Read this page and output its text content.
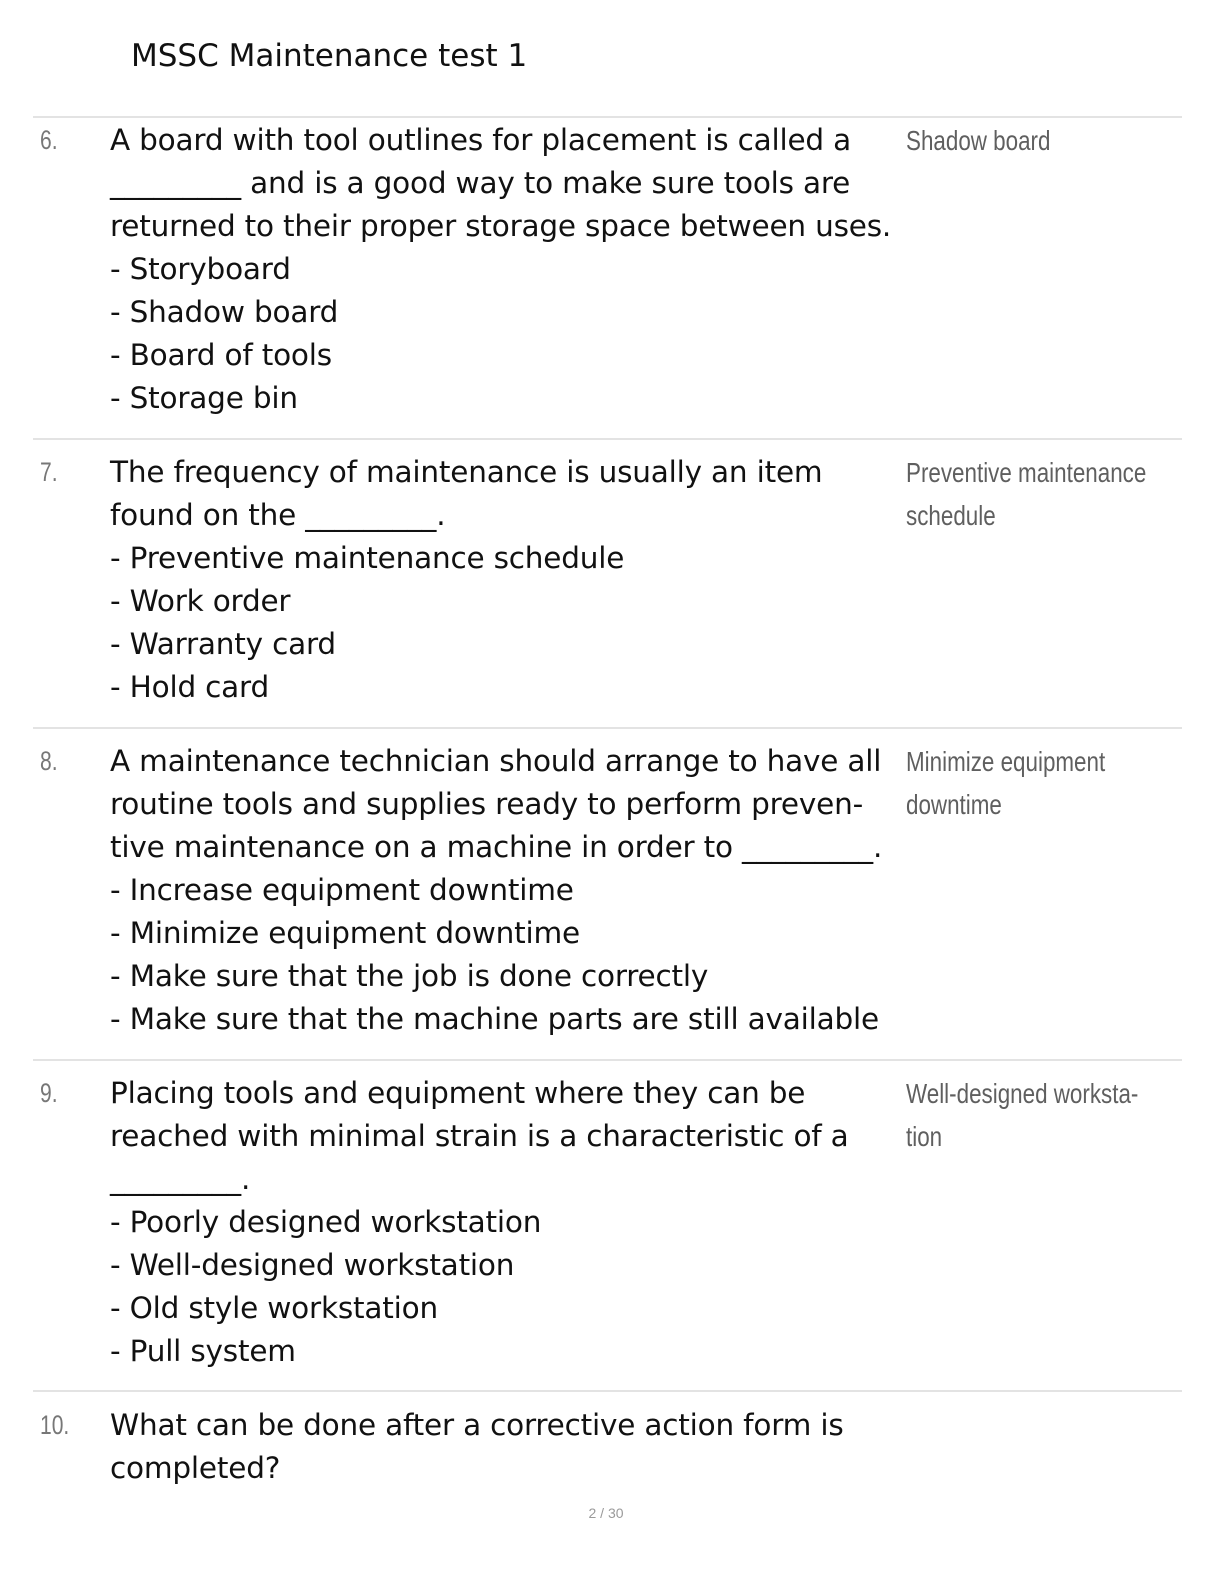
MSSC Maintenance test 1
6. A board with tool outlines for placement is called a

_________ and is a good way to make sure tools are

returned to their proper storage space between uses.

- Storyboard

- Shadow board

- Board of tools

- Storage bin

Shadow board
7. The frequency of maintenance is usually an item

found on the _________.

- Preventive maintenance schedule

- Work order

- Warranty card

- Hold card

Preventive maintenance
schedule
8. A maintenance technician should arrange to have all

routine tools and supplies ready to perform preven-

tive maintenance on a machine in order to _________.

- Increase equipment downtime

- Minimize equipment downtime

- Make sure that the job is done correctly

- Make sure that the machine parts are still available

Minimize equipment
downtime
9. Placing tools and equipment where they can be

reached with minimal strain is a characteristic of a

_________.

- Poorly designed workstation

- Well-designed workstation

- Old style workstation

- Pull system

Well-designed worksta-
tion
10. What can be done after a corrective action form is

completed?

2 / 30
